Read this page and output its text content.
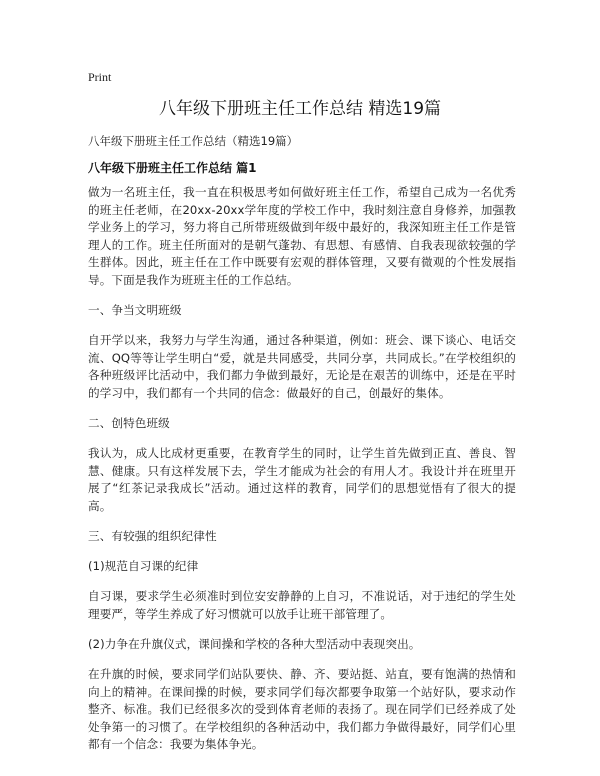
Print
八年级下册班主任工作总结 精选19篇
八年级下册班主任工作总结（精选19篇）
八年级下册班主任工作总结 篇1

做为一名班主任，我一直在积极思考如何做好班主任工作，希望自己成为一名优秀的班主任老师，在20xx-20xx学年度的学校工作中，我时刻注意自身修养，加强教学业务上的学习，努力将自己所带班级做到年级中最好的，我深知班主任工作是管理人的工作。班主任所面对的是朝气蓬勃、有思想、有感情、自我表现欲较强的学生群体。因此，班主任在工作中既要有宏观的群体管理，又要有微观的个性发展指导。下面是我作为班班主任的工作总结。

一、争当文明班级

自开学以来，我努力与学生沟通，通过各种渠道，例如：班会、课下谈心、电话交流、QQ等等让学生明白“爱，就是共同感受，共同分享，共同成长。”在学校组织的各种班级评比活动中，我们都力争做到最好，无论是在艰苦的训练中，还是在平时的学习中，我们都有一个共同的信念：做最好的自己，创最好的集体。

二、创特色班级

我认为，成人比成材更重要，在教育学生的同时，让学生首先做到正直、善良、智慧、健康。只有这样发展下去，学生才能成为社会的有用人才。我设计并在班里开展了“红茶记录我成长”活动。通过这样的教育，同学们的思想觉悟有了很大的提高。

三、有较强的组织纪律性

(1)规范自习课的纪律

自习课，要求学生必须准时到位安安静静的上自习，不准说话，对于违纪的学生处理要严，等学生养成了好习惯就可以放手让班干部管理了。

(2)力争在升旗仪式，课间操和学校的各种大型活动中表现突出。

在升旗的时候，要求同学们站队要快、静、齐、要站挺、站直，要有饱满的热情和向上的精神。在课间操的时候，要求同学们每次都要争取第一个站好队，要求动作整齐、标准。我们已经很多次的受到体育老师的表扬了。现在同学们已经养成了处处争第一的习惯了。在学校组织的各种活动中，我们都力争做得最好，同学们心里都有一个信念：我要为集体争光。
